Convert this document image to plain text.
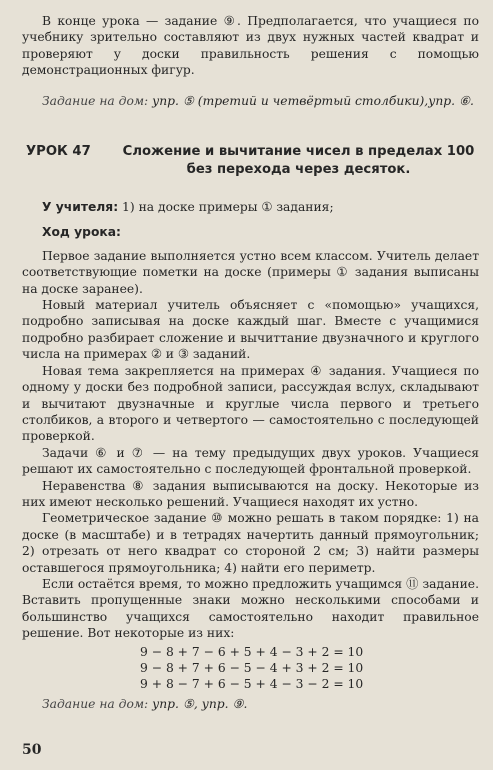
В конце урока — задание ⑨. Предполагается, что учащиеся по учебнику зрительно составляют из двух нужных частей квадрат и проверяют у доски правильность решения с помощью демонстрационных фигур.

Задание на дом: упр. ⑤ (третий и четвёртый столбики),упр. ⑥.

УРОК 47	Сложение и вычитание чисел в пределах 100
без перехода через десяток.

У учителя: 1) на доске примеры ① задания;

Ход урока:

Первое задание выполняется устно всем классом. Учитель делает соответствующие пометки на доске (примеры ① задания выписаны на доске заранее).

Новый материал учитель объясняет с «помощью» учащихся, подробно записывая на доске каждый шаг. Вместе с учащимися подробно разбирает сложение и вычиттание двузначного и круглого числа на примерах ② и ③ заданий.

Новая тема закрепляется на примерах ④ задания. Учащиеся по одному у доски без подробной записи, рассуждая вслух, складывают и вычитают двузначные и круглые числа первого и третьего столбиков, а второго и четвертого — самостоятельно с последующей проверкой.

Задачи ⑥ и ⑦ — на тему предыдущих двух уроков. Учащиеся решают их самостоятельно с последующей фронтальной проверкой.

Неравенства ⑧ задания выписываются на доску. Некоторые из них имеют несколько решений. Учащиеся находят их устно.

Геометрическое задание ⑩ можно решать в таком порядке: 1) на доске (в масштабе) и в тетрадях начертить данный прямоугольник; 2) отрезать от него квадрат со стороной 2 см; 3) найти размеры оставшегося прямоугольника; 4) найти его периметр.

Если остаётся время, то можно предложить учащимся ⑪ задание. Вставить пропущенные знаки можно несколькими способами и большинство учащихся самостоятельно находит правильное решение. Вот некоторые из них:

9 − 8 + 7 − 6 + 5 + 4 − 3 + 2 = 10
9 − 8 + 7 + 6 − 5 − 4 + 3 + 2 = 10
9 + 8 − 7 + 6 − 5 + 4 − 3 − 2 = 10

Задание на дом: упр. ⑤, упр. ⑨.

50
